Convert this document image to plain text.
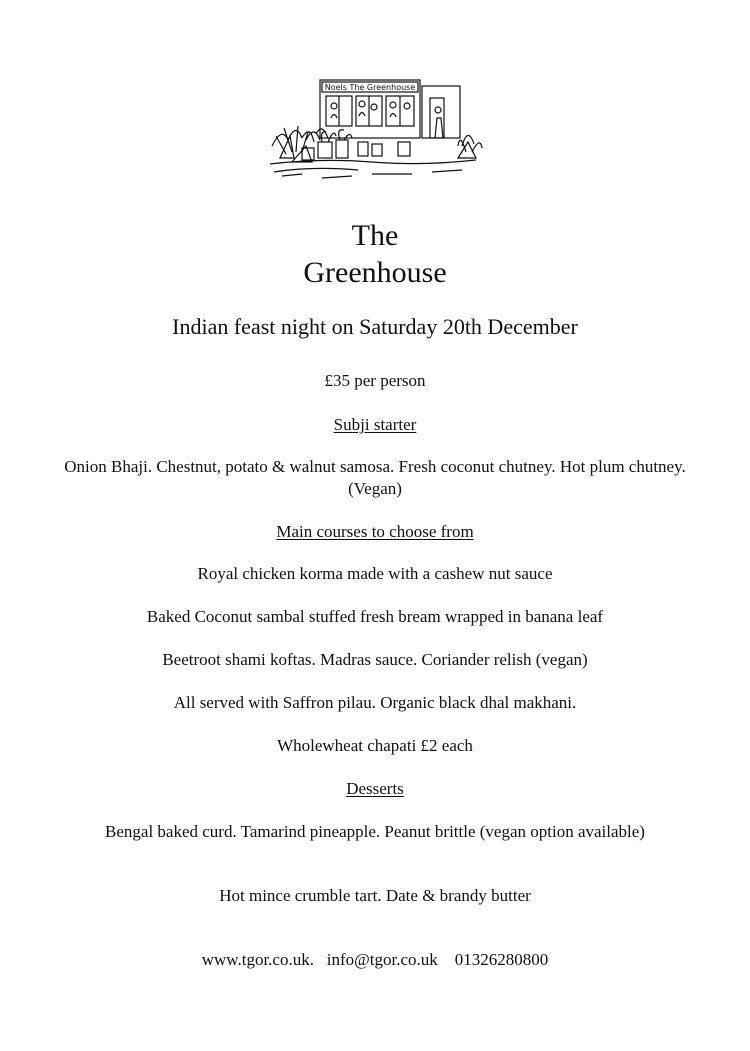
Noels The Greenhouse
The
Greenhouse
Indian feast night on Saturday 20th December
£35 per person
Subji starter
Onion Bhaji. Chestnut, potato & walnut samosa. Fresh coconut chutney. Hot plum chutney. (Vegan)
Main courses to choose from
Royal chicken korma made with a cashew nut sauce
Baked Coconut sambal stuffed fresh bream wrapped in banana leaf
Beetroot shami koftas. Madras sauce. Coriander relish (vegan)
All served with Saffron pilau. Organic black dhal makhani.
Wholewheat chapati £2 each
Desserts
Bengal baked curd. Tamarind pineapple. Peanut brittle (vegan option available)
Hot mince crumble tart. Date & brandy butter
www.tgor.co.uk. info@tgor.co.uk 01326280800
